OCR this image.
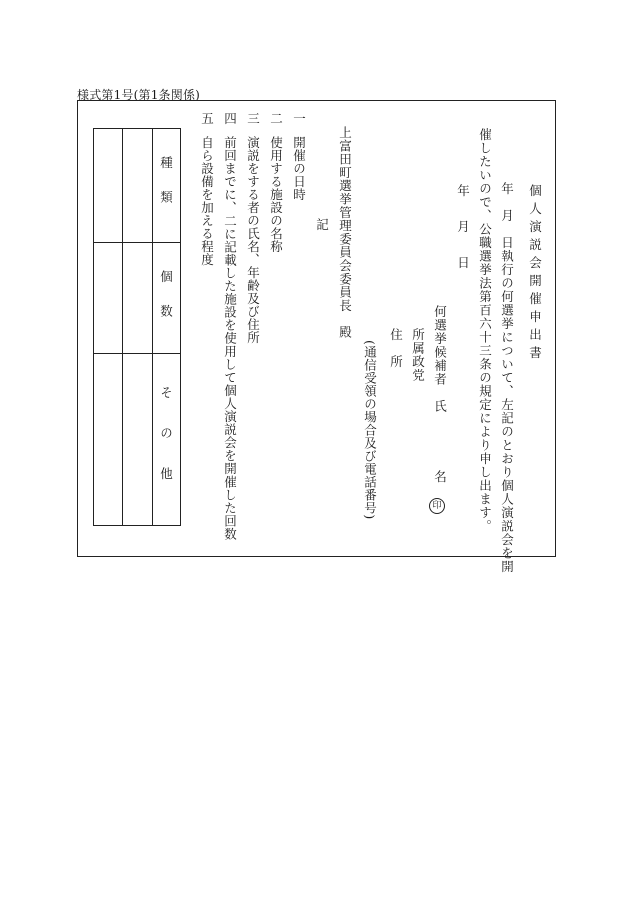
様式第1号(第1条関係)
個人演説会開催申出書
年　月　日執行の何選挙について、左記のとおり個人演説会を開
催したいので、公職選挙法第百六十三条の規定により申し出ます。
年　月　日
何選挙候補者　氏
名
印
所属政党
住　所
(通信受領の場合及び電話番号)
上富田町選挙管理委員会委員長　殿
記
一
開催の日時
二
使用する施設の名称
三
演説をする者の氏名、年齢及び住所
四
前回までに、二に記載した施設を使用して個人演説会を開催した回数
五
自ら設備を加える程度
種類
個数
その他
